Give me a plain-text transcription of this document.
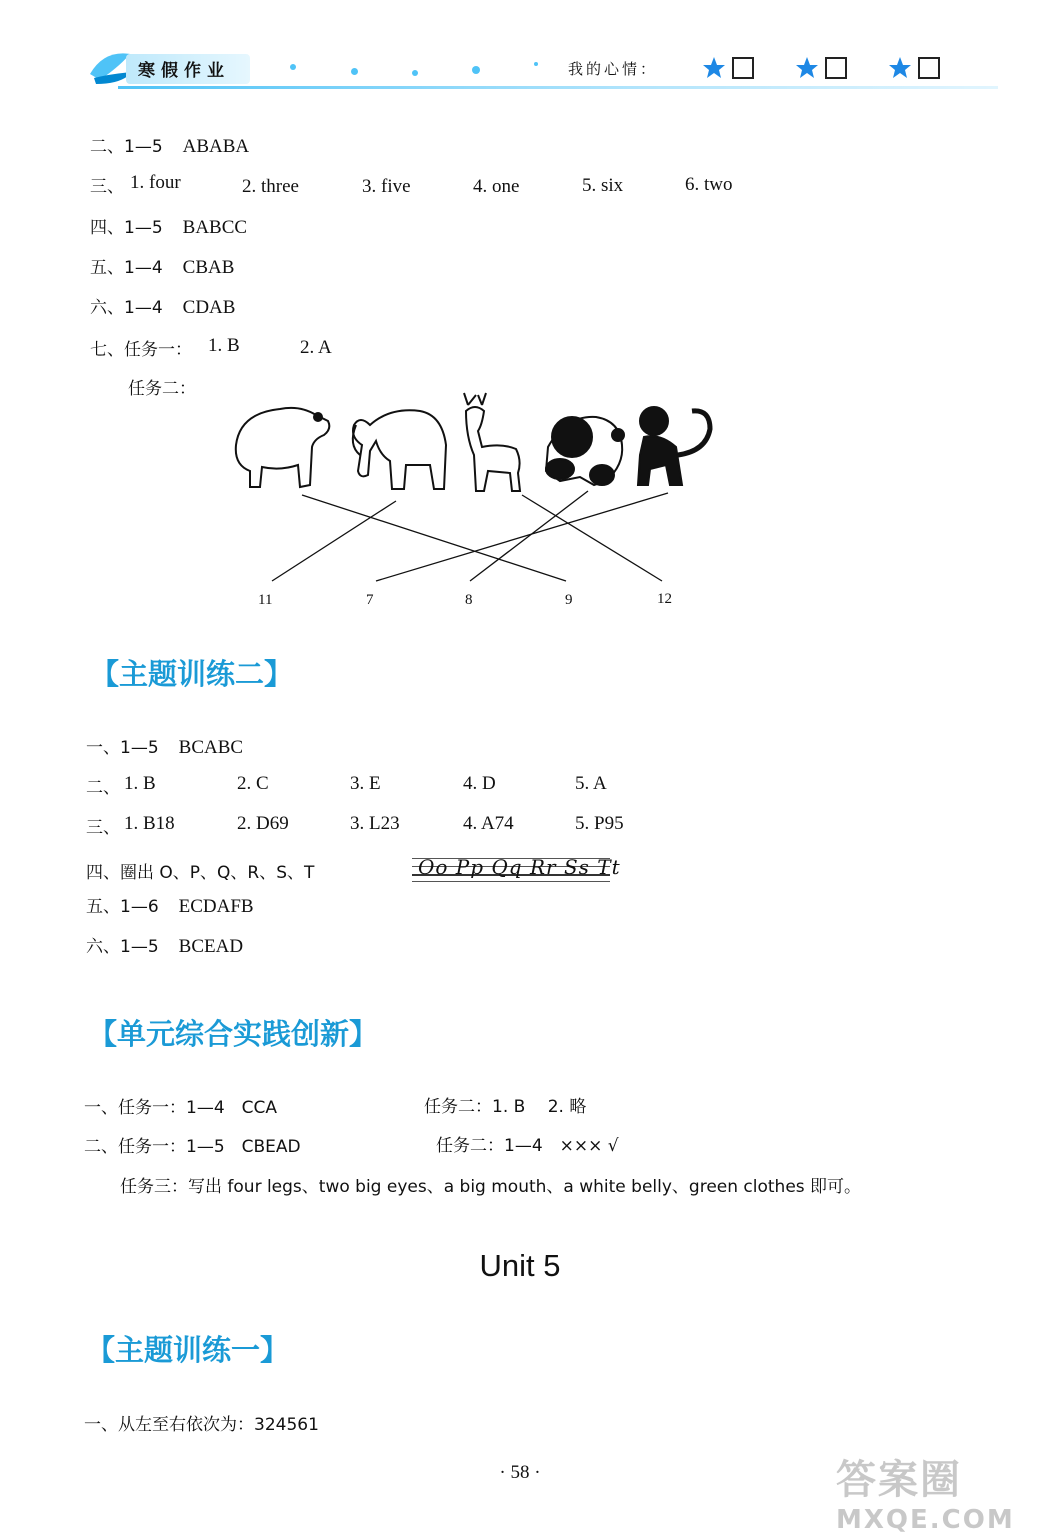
寒假作业	我的心情：
二、1—5 ABABA
三、 1. four	2. three	3. five	4. one	5. six	6. two
四、1—5 BABCC
五、1—4 CBAB
六、1—4 CDAB
七、任务一： 1. B	2. A
任务二：
11	7	8	9	12
【主题训练二】
一、1—5 BCABC
二、 1. B	2. C	3. E	4. D	5. A
三、 1. B18	2. D69	3. L23	4. A74	5. P95
四、圈出 O、P、Q、R、S、T	Oo Pp Qq Rr Ss Tt
五、1—6 ECDAFB
六、1—5 BCEAD
【单元综合实践创新】
一、任务一：1—4　CCA	任务二：1. B　 2. 略
二、任务一：1—5　CBEAD	任务二：1—4　××× √
任务三：写出 four legs、two big eyes、a big mouth、a white belly、green clothes 即可。
Unit 5
【主题训练一】
一、从左至右依次为：324561
· 58 ·	答案圈
MXQE.COM
